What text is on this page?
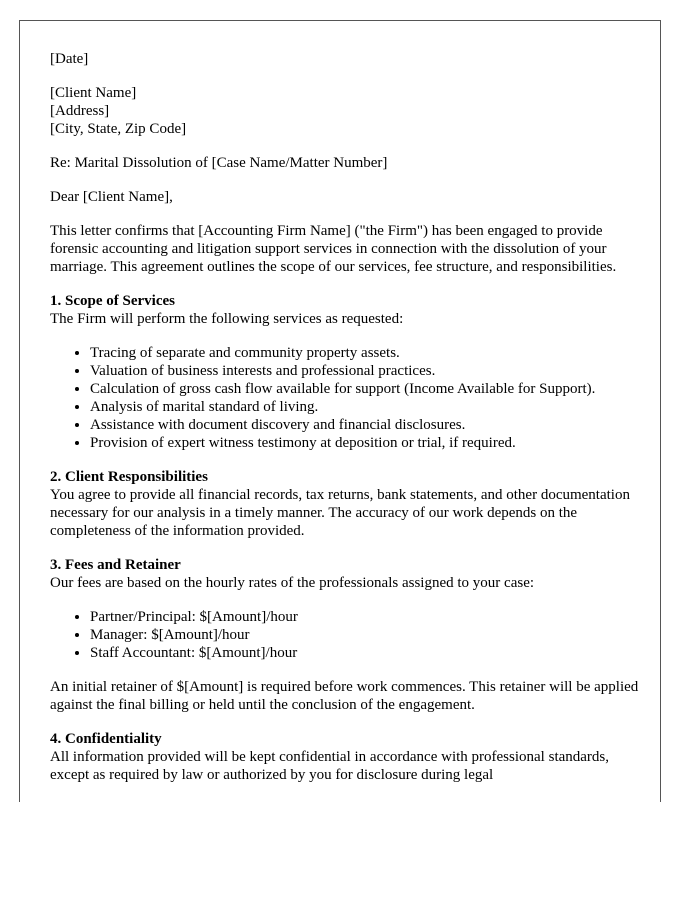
[Date]

[Client Name]
[Address]
[City, State, Zip Code]

Re: Marital Dissolution of [Case Name/Matter Number]

Dear [Client Name],

This letter confirms that [Accounting Firm Name] ("the Firm") has been engaged to provide forensic accounting and litigation support services in connection with the dissolution of your marriage. This agreement outlines the scope of our services, fee structure, and responsibilities.

1. Scope of Services

The Firm will perform the following services as requested:

• Tracing of separate and community property assets.
• Valuation of business interests and professional practices.
• Calculation of gross cash flow available for support (Income Available for Support).
• Analysis of marital standard of living.
• Assistance with document discovery and financial disclosures.
• Provision of expert witness testimony at deposition or trial, if required.
2. Client Responsibilities

You agree to provide all financial records, tax returns, bank statements, and other documentation necessary for our analysis in a timely manner. The accuracy of our work depends on the completeness of the information provided.

3. Fees and Retainer

Our fees are based on the hourly rates of the professionals assigned to your case:

• Partner/Principal: $[Amount]/hour
• Manager: $[Amount]/hour
• Staff Accountant: $[Amount]/hour

An initial retainer of $[Amount] is required before work commences. This retainer will be applied against the final billing or held until the conclusion of the engagement.

4. Confidentiality

All information provided will be kept confidential in accordance with professional standards, except as required by law or authorized by you for disclosure during legal
